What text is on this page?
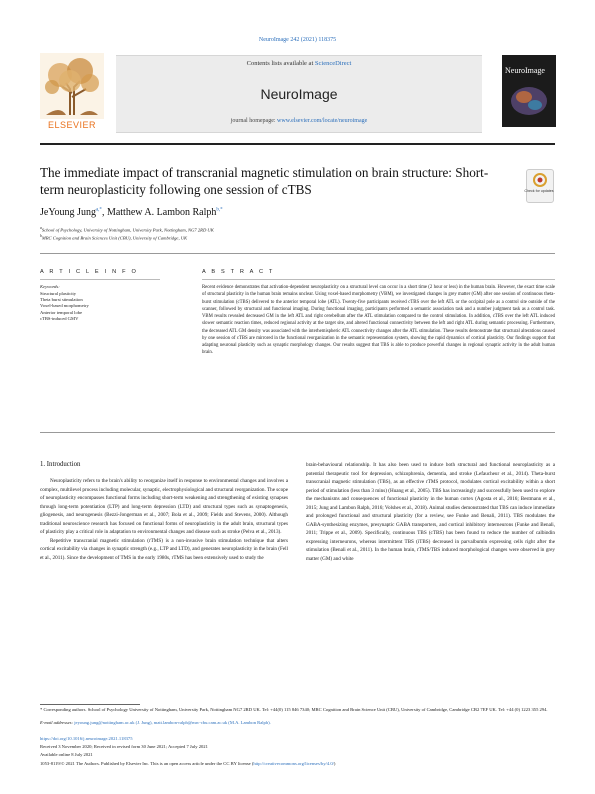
NeuroImage 242 (2021) 118375
ELSEVIER
Contents lists available at ScienceDirect
NeuroImage
journal homepage: www.elsevier.com/locate/neuroimage
NeuroImage
The immediate impact of transcranial magnetic stimulation on brain structure: Short-term neuroplasticity following one session of cTBS	Check for updates
JeYoung Jung$^{a,*}$, Matthew A. Lambon Ralph$^{b,*}$
$^a$School of Psychology, University of Nottingham, University Park, Nottingham, NG7 2RD UK
$^b$MRC Cognition and Brain Sciences Unit (CBU), University of Cambridge, UK
A R T I C L E I N F O	A B S T R A C T
Keywords:
Structural plasticity
Theta burst stimulation
Voxel-based morphometry
Anterior temporal lobe
cTBS-induced GMV
Recent evidence demonstrates that activation-dependent neuroplasticity on a structural level can occur in a short time (2 hour or less) in the human brain. However, the exact time scale of structural plasticity in the human brain remains unclear. Using voxel-based morphometry (VBM), we investigated changes in grey matter (GM) after one session of continuous theta-burst stimulation (cTBS) delivered to the anterior temporal lobe (ATL). Twenty-five participants received cTBS over the left ATL or the occipital pole as a control site outside of the scanner, followed by structural and functional imaging. During functional imaging, participants performed a semantic association task and a number judgment task as a control task. VBM results revealed decreased GM in the left ATL and right cerebellum after the ATL stimulation compared to the control stimulation. In addition, cTBS over the left ATL induced slower semantic reaction times, reduced regional activity at the target site, and altered functional connectivity between the left and right ATL during semantic processing. Furthermore, the decreased ATL GM density was associated with the interhemispheric ATL connectivity changes after the ATL stimulation. These results demonstrate that structural alterations caused by one session of cTBS are mirrored in the functional reorganization in the semantic representation system, showing the rapid dynamics of cortical plasticity. Our findings support that adapting neuronal plasticity such as synaptic morphology changes. Our results suggest that TBS is able to produce powerful changes in regional synaptic activity in the adult human brain.
1. Introduction

Neuroplasticity refers to the brain's ability to reorganize itself in response to environmental changes and involves a complex, multilevel process including molecular, synaptic, electrophysiological and structural reorganization. The scope of neuroplasticity encompasses functional forms including short-term weakening and strengthening of existing synapses through long-term potentiation (LTP) and long-term depression (LTD) and structural types such as synaptogenesis, gliogenesis, and neurogenesis (Bezzi-Jongerman et al., 2007; Bola et al., 2009; Fields and Stevens, 2000). Although traditional neuroscience research has focused on functional forms of neuroplasticity in the adult brain, structural types of plasticity play a critical role in adaptation to environmental changes and disease such as stroke (Pelva et al., 2013).

Repetitive transcranial magnetic stimulation (rTMS) is a non-invasive brain stimulation technique that alters cortical excitability via changes in synaptic strength (e.g., LTP and LTD), and generates neuroplasticity in the brain (Fell et al., 2011). Since the development of TMS in the early 1980s, rTMS has been extensively used to study the

brain-behavioural relationship. It has also been used to induce both structural and functional neuroplasticity as a potential therapeutic tool for depression, schizophrenia, dementia, and stroke (Lefaucheur et al., 2014). Theta-burst transcranial magnetic stimulation (TBS), as an effective rTMS protocol, modulates cortical excitability within a short period of stimulation (less than 3 mins) (Huang et al., 2005). TBS has increasingly and successfully been used to explore the mechanisms and consequences of functional plasticity in the human cortex (Agosta et al., 2016; Bestmann et al., 2015; Jung and Lambon Ralph, 2016; Volshes et al., 2018). Animal studies demonstrated that TBS can induce immediate and prolonged functional and structural plasticity (for a review, see Funke and Benali, 2011). TBS modulates the GABA-synthesizing enzymes, presynaptic GABA transporters, and cortical inhibitory interneurons (Funke and Benali, 2011; Trippe et al., 2009). Specifically, continuous TBS (cTBS) has been found to reduce the number of calbindin expressing interneurons, whereas intermittent TBS (iTBS) decreased in parvalbumin expressing cells right after the stimulation (Benali et al., 2011). In the human brain, rTMS/TBS induced morphological changes were observed in grey matter (GM) and white

* Corresponding authors. School of Psychology University of Nottingham, University Park, Nottingham NG7 2RD UK. Tel: +44(0) 115 846 7340; MRC Cognition and Brain Science Unit (CBU), University of Cambridge, Cambridge CB2 7EF UK. Tel: +44 (0) 1223 355 294.
E-mail addresses: jeyoung.jung@nottingham.ac.uk (J. Jung), matt.lambon-ralph@mrc-cbu.cam.ac.uk (M.A. Lambon Ralph).
https://doi.org/10.1016/j.neuroimage.2021.118375
Received 3 November 2020; Received in revised form 30 June 2021; Accepted 7 July 2021
Available online 8 July 2021
1053-8119/© 2021 The Authors. Published by Elsevier Inc. This is an open access article under the CC BY license (http://creativecommons.org/licenses/by/4.0/)
